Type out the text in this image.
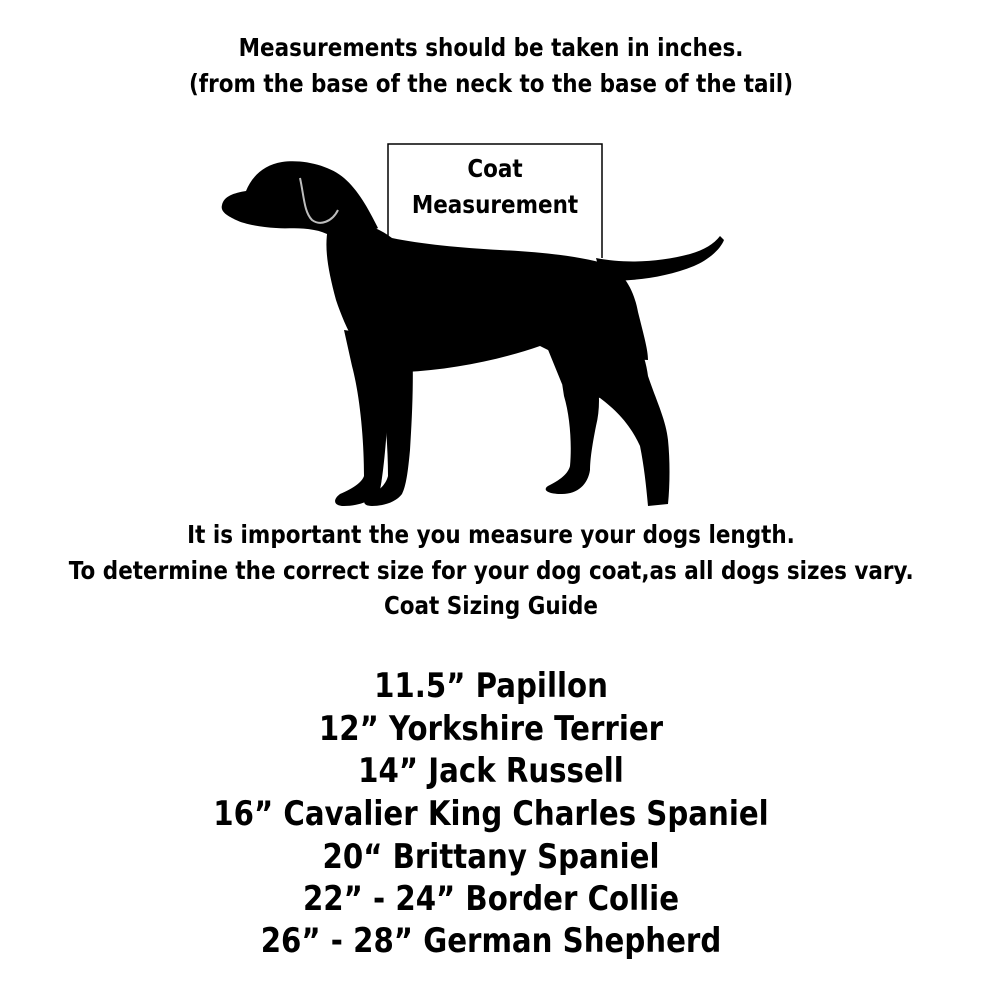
Measurements should be taken in inches.
(from the base of the neck to the base of the tail)
Coat
Measurement
It is important the you measure your dogs length.
To determine the correct size for your dog coat,as all dogs sizes vary.
Coat Sizing Guide
11.5” Papillon
12” Yorkshire Terrier
14” Jack Russell
16” Cavalier King Charles Spaniel
20“ Brittany Spaniel
22” - 24” Border Collie
26” - 28” German Shepherd
